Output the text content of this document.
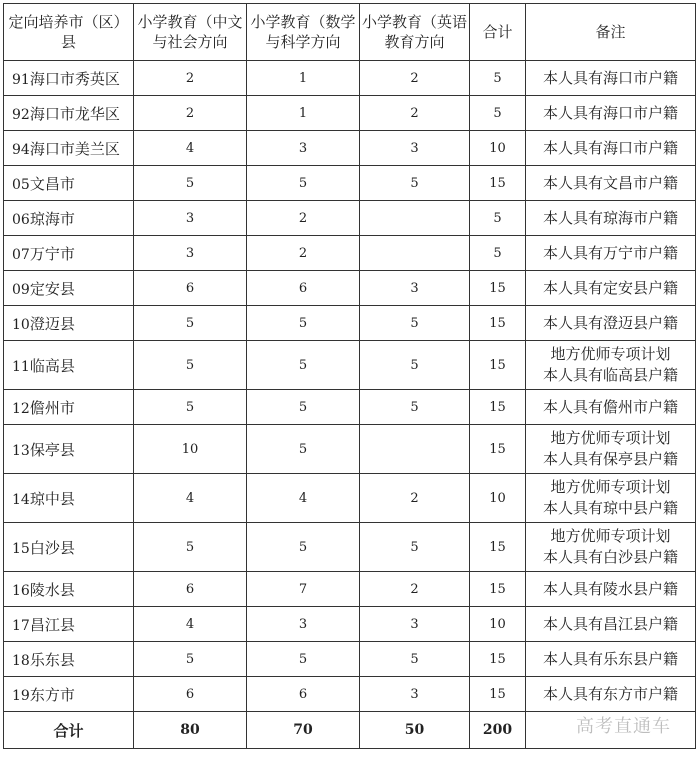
定向培养市（区）县	小学教育（中文与社会方向	小学教育（数学与科学方向	小学教育（英语教育方向	合计	备注
91海口市秀英区	2	1	2	5	本人具有海口市户籍

92海口市龙华区	2	1	2	5	本人具有海口市户籍

94海口市美兰区	4	3	3	10	本人具有海口市户籍

05文昌市	5	5	5	15	本人具有文昌市户籍

06琼海市	3	2		5	本人具有琼海市户籍

07万宁市	3	2		5	本人具有万宁市户籍

09定安县	6	6	3	15	本人具有定安县户籍

10澄迈县	5	5	5	15	本人具有澄迈县户籍

11临高县	5	5	5	15	地方优师专项计划
本人具有临高县户籍

12儋州市	5	5	5	15	本人具有儋州市户籍

13保亭县	10	5		15	地方优师专项计划
本人具有保亭县户籍

14琼中县	4	4	2	10	地方优师专项计划
本人具有琼中县户籍

15白沙县	5	5	5	15	地方优师专项计划
本人具有白沙县户籍

16陵水县	6	7	2	15	本人具有陵水县户籍

17昌江县	4	3	3	10	本人具有昌江县户籍

18乐东县	5	5	5	15	本人具有乐东县户籍

19东方市	6	6	3	15	本人具有东方市户籍

合计	80	70	50	200		高考直通车
